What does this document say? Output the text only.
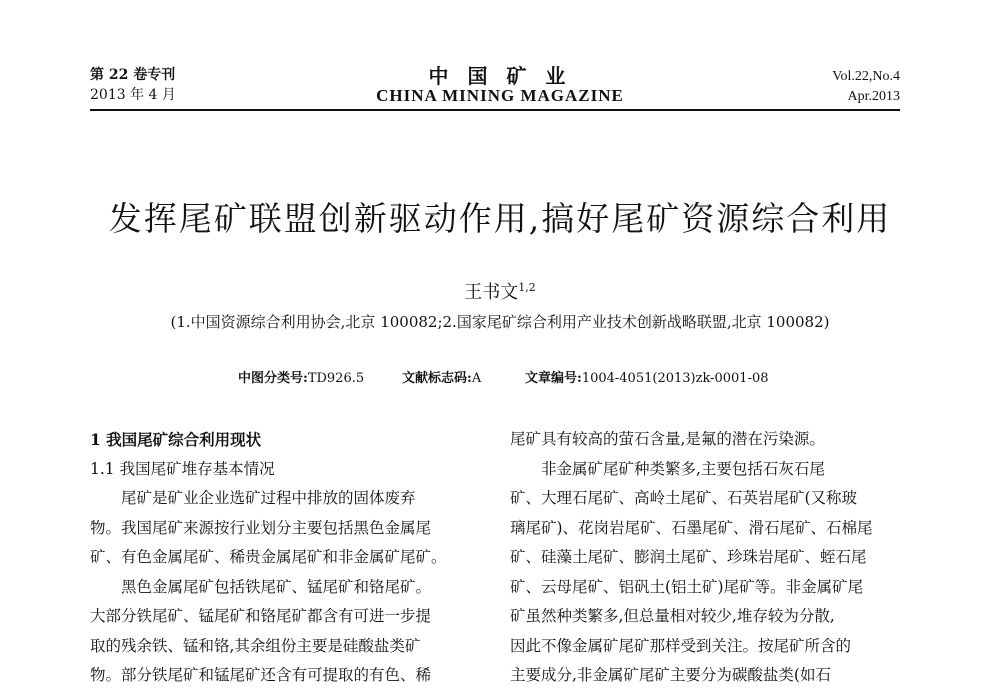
第 22 卷专刊
2013 年 4 月
中 国 矿 业
CHINA MINING MAGAZINE
Vol.22,No.4
Apr.2013
发挥尾矿联盟创新驱动作用,搞好尾矿资源综合利用
王书文$^{1,2}$
(1.中国资源综合利用协会,北京 100082;2.国家尾矿综合利用产业技术创新战略联盟,北京 100082)
中图分类号:TD926.5	文献标志码:A	文章编号:1004-4051(2013)zk-0001-08
1 我国尾矿综合利用现状
1.1 我国尾矿堆存基本情况
尾矿是矿业企业选矿过程中排放的固体废弃
物。我国尾矿来源按行业划分主要包括黑色金属尾
矿、有色金属尾矿、稀贵金属尾矿和非金属矿尾矿。
黑色金属尾矿包括铁尾矿、锰尾矿和铬尾矿。
大部分铁尾矿、锰尾矿和铬尾矿都含有可进一步提
取的残余铁、锰和铬,其余组份主要是硅酸盐类矿
物。部分铁尾矿和锰尾矿还含有可提取的有色、稀
尾矿具有较高的萤石含量,是氟的潜在污染源。
非金属矿尾矿种类繁多,主要包括石灰石尾
矿、大理石尾矿、高岭土尾矿、石英岩尾矿(又称玻
璃尾矿)、花岗岩尾矿、石墨尾矿、滑石尾矿、石棉尾
矿、硅藻土尾矿、膨润土尾矿、珍珠岩尾矿、蛭石尾
矿、云母尾矿、铝矾土(铝土矿)尾矿等。非金属矿尾
矿虽然种类繁多,但总量相对较少,堆存较为分散,
因此不像金属矿尾矿那样受到关注。按尾矿所含的
主要成分,非金属矿尾矿主要分为碳酸盐类(如石
